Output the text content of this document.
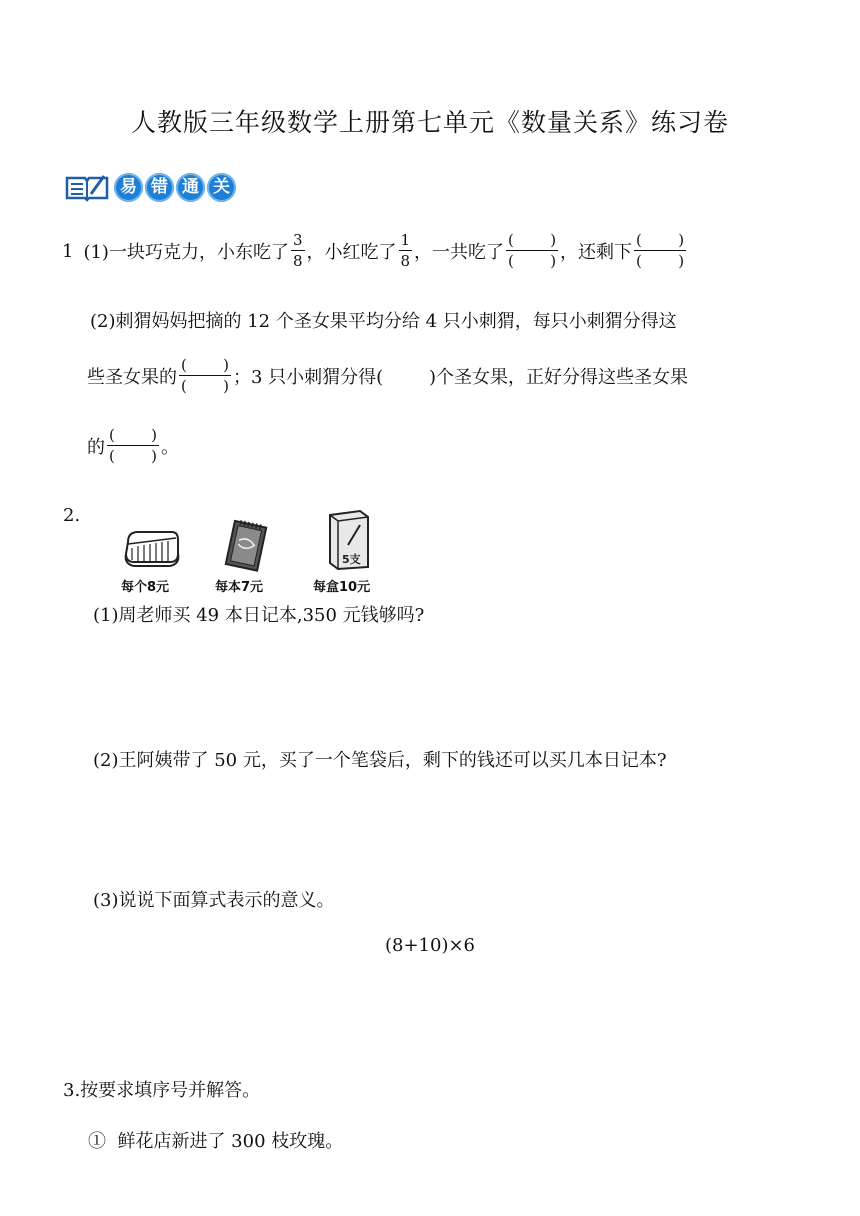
人教版三年级数学上册第七单元《数量关系》练习卷
易 错 通 关
1 (1)一块巧克力，小东吃了 $\frac{3}{8}$ ，小红吃了 $\frac{1}{8}$ ，一共吃了 $\frac{( )}{( )}$ ，还剩下 $\frac{( )}{( )}$
(2)刺猬妈妈把摘的 12 个圣女果平均分给 4 只小刺猬，每只小刺猬分得这
些圣女果的 $\frac{( )}{( )}$ ；3 只小刺猬分得(        )个圣女果，正好分得这些圣女果
的 $\frac{( )}{( )}$ 。
2.
每个8元	每本7元
5支
每盒10元
(1)周老师买 49 本日记本,350 元钱够吗?
(2)王阿姨带了 50 元，买了一个笔袋后，剩下的钱还可以买几本日记本?
(3)说说下面算式表示的意义。
(8+10)×6
3.按要求填序号并解答。
①  鲜花店新进了 300 枝玫瑰。
